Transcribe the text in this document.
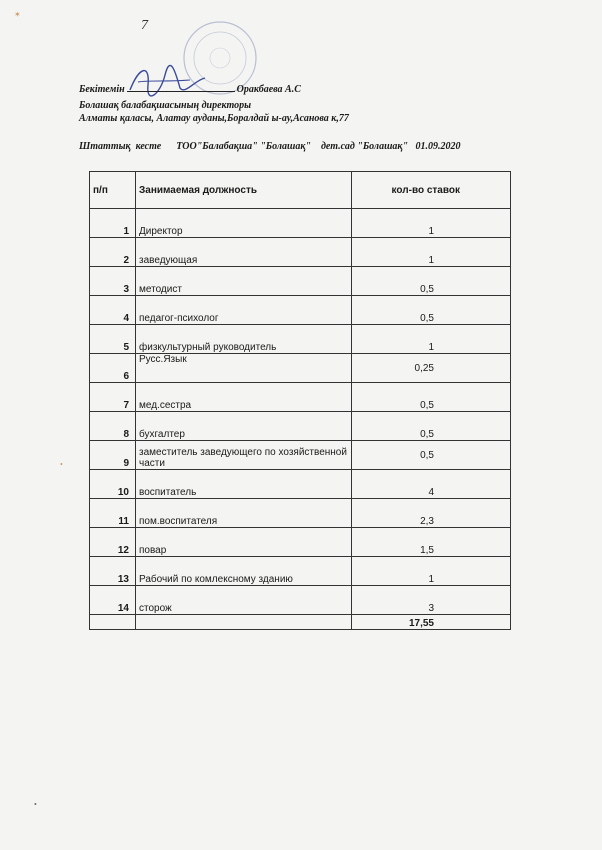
7
Бекітемін	Оракбаева А.С
Болашақ балабақшасының директоры
Алматы қаласы, Алатау ауданы,Боралдай ы-ау,Асанова к,77
Штаттық  кесте ТОО"Балабақша" "Болашақ" дет.сад "Болашақ" 01.09.2020
п/п	Занимаемая должность	кол-во ставок
1	Директор	1
2	заведующая	1
3	методист	0,5
4	педагог-психолог	0,5
5	физкультурный руководитель	1
6	Русс.Язык	0,25
7	мед.сестра	0,5
8	бухгалтер	0,5
9	заместитель заведующего по хозяйственной части	0,5
10	воспитатель	4
11	пом.воспитателя	2,3
12	повар	1,5
13	Рабочий по комлексному зданию	1
14	сторож	3
		17,55
✶
•
•
